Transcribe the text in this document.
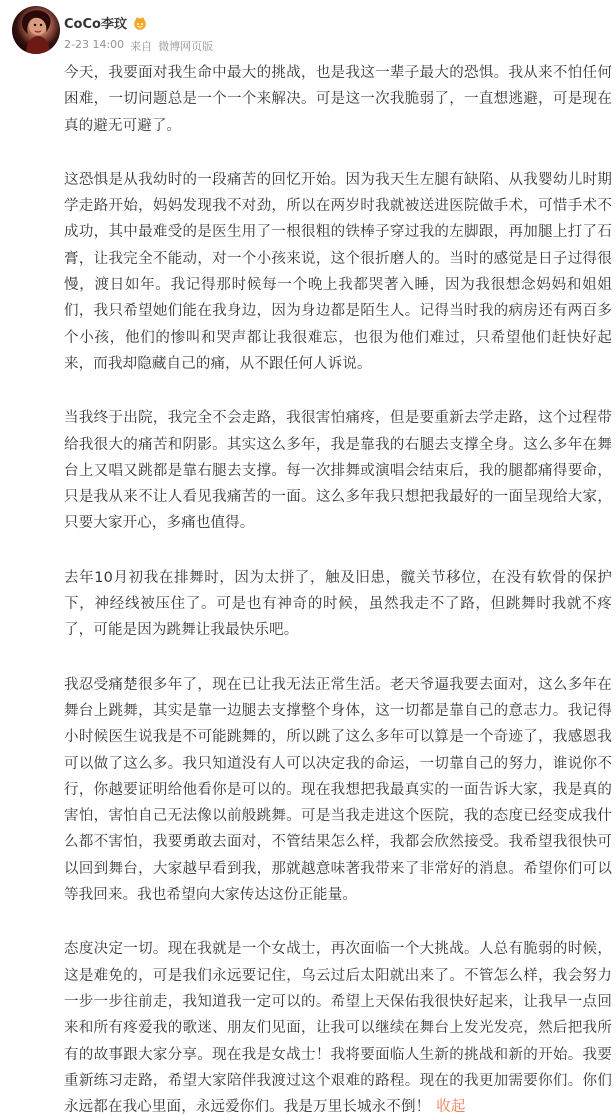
CoCo李玟
2-23 14:00 来自 微博网页版

今天，我要面对我生命中最大的挑战，也是我这一辈子最大的恐惧。我从来不怕任何困难，一切问题总是一个一个来解决。可是这一次我脆弱了，一直想逃避，可是现在真的避无可避了。

这恐惧是从我幼时的一段痛苦的回忆开始。因为我天生左腿有缺陷、从我婴幼儿时期学走路开始，妈妈发现我不对劲，所以在两岁时我就被送进医院做手术，可惜手术不成功，其中最难受的是医生用了一根很粗的铁棒子穿过我的左脚跟，再加腿上打了石膏，让我完全不能动，对一个小孩来说，这个很折磨人的。当时的感觉是日子过得很慢，渡日如年。我记得那时候每一个晚上我都哭著入睡，因为我很想念妈妈和姐姐们，我只希望她们能在我身边，因为身边都是陌生人。记得当时我的病房还有两百多个小孩，他们的惨叫和哭声都让我很难忘，也很为他们难过，只希望他们赶快好起来，而我却隐藏自己的痛，从不跟任何人诉说。

当我终于出院，我完全不会走路，我很害怕痛疼，但是要重新去学走路，这个过程带给我很大的痛苦和阴影。其实这么多年，我是靠我的右腿去支撑全身。这么多年在舞台上又唱又跳都是靠右腿去支撑。每一次排舞或演唱会结束后，我的腿都痛得要命，只是我从来不让人看见我痛苦的一面。这么多年我只想把我最好的一面呈现给大家，只要大家开心，多痛也值得。

去年10月初我在排舞时，因为太拼了，触及旧患，髋关节移位，在没有软骨的保护下，神经线被压住了。可是也有神奇的时候，虽然我走不了路，但跳舞时我就不疼了，可能是因为跳舞让我最快乐吧。

我忍受痛楚很多年了，现在已让我无法正常生活。老天爷逼我要去面对，这么多年在舞台上跳舞，其实是靠一边腿去支撑整个身体，这一切都是靠自己的意志力。我记得小时候医生说我是不可能跳舞的，所以跳了这么多年可以算是一个奇迹了，我感恩我可以做了这么多。我只知道没有人可以决定我的命运，一切靠自己的努力，谁说你不行，你越要证明给他看你是可以的。现在我想把我最真实的一面告诉大家，我是真的害怕，害怕自己无法像以前般跳舞。可是当我走进这个医院，我的态度已经变成我什么都不害怕，我要勇敢去面对，不管结果怎么样，我都会欣然接受。我希望我很快可以回到舞台，大家越早看到我，那就越意味著我带来了非常好的消息。希望你们可以等我回来。我也希望向大家传达这份正能量。

态度决定一切。现在我就是一个女战士，再次面临一个大挑战。人总有脆弱的时候，这是难免的，可是我们永远要记住，乌云过后太阳就出来了。不管怎么样，我会努力一步一步往前走，我知道我一定可以的。希望上天保佑我很快好起来，让我早一点回来和所有疼爱我的歌迷、朋友们见面，让我可以继续在舞台上发光发亮，然后把我所有的故事跟大家分享。现在我是女战士！我将要面临人生新的挑战和新的开始。我要重新练习走路，希望大家陪伴我渡过这个艰难的路程。现在的我更加需要你们。你们永远都在我心里面，永远爱你们。我是万里长城永不倒！ 收起
